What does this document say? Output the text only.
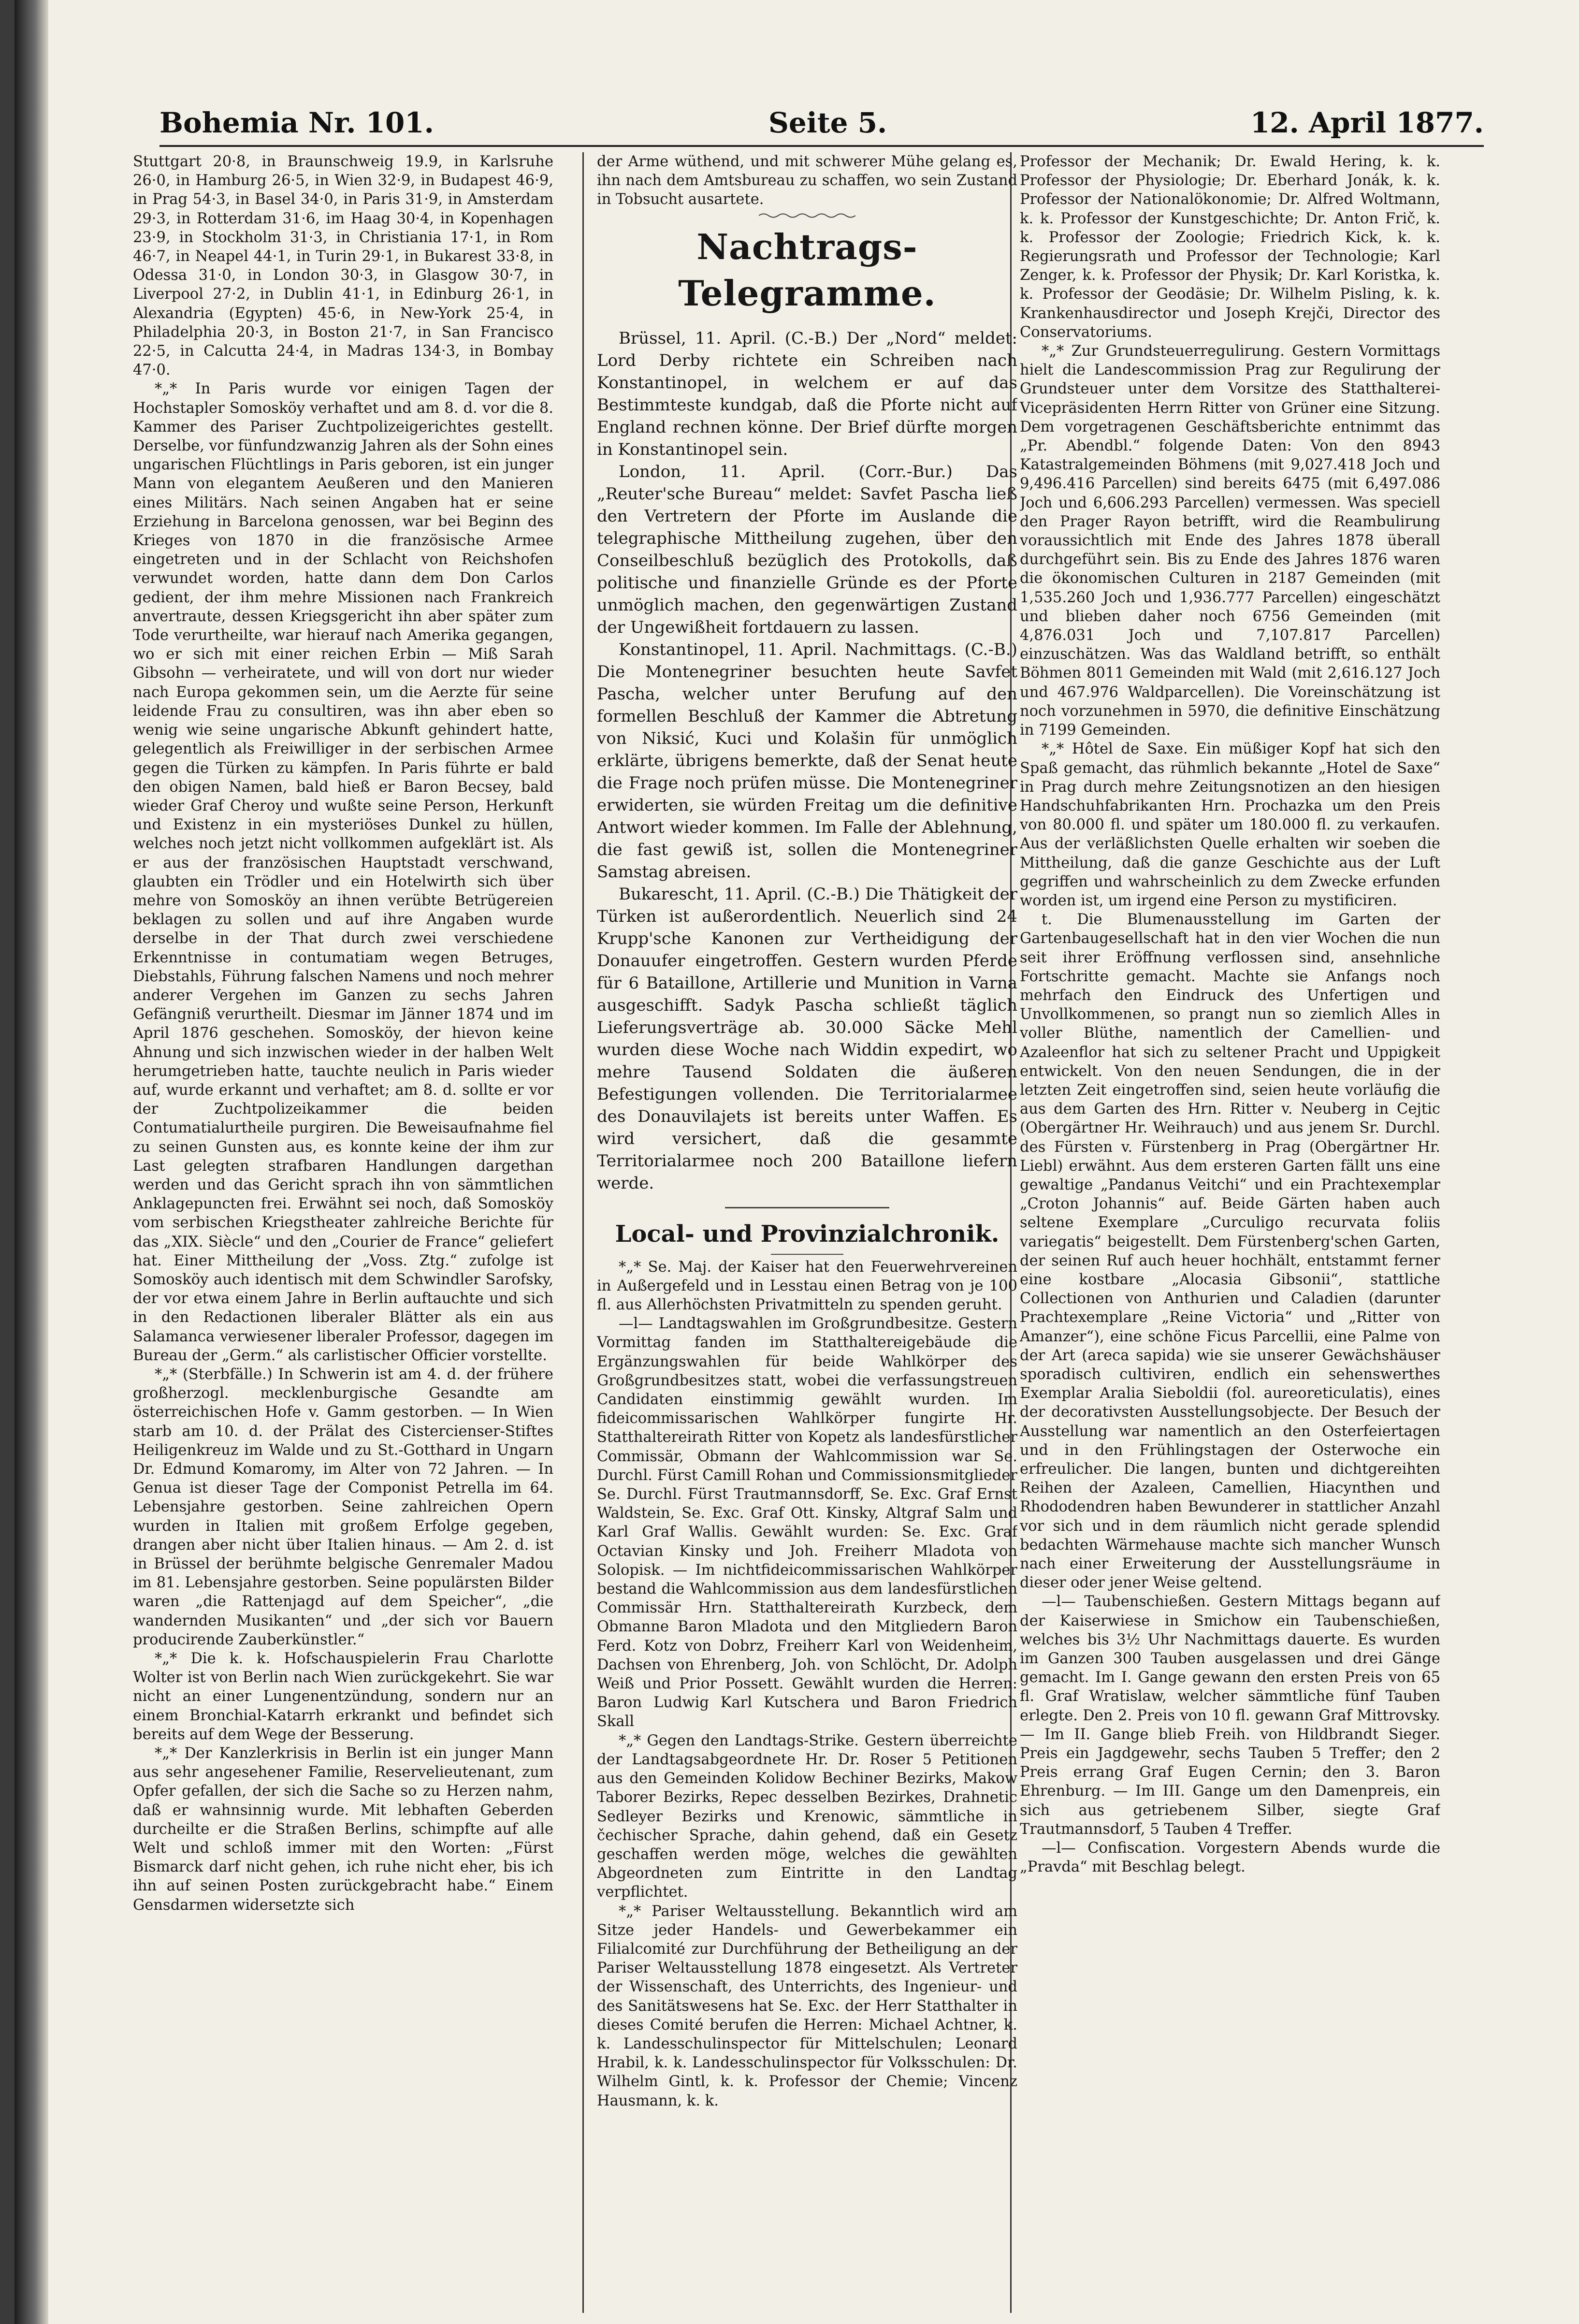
Bohemia Nr. 101.	Seite 5.	12. April 1877.

Stuttgart 20·8, in Braunschweig 19.9, in Karlsruhe 26·0, in Hamburg 26·5, in Wien 32·9, in Budapest 46·9, in Prag 54·3, in Basel 34·0, in Paris 31·9, in Amsterdam 29·3, in Rotterdam 31·6, im Haag 30·4, in Kopenhagen 23·9, in Stockholm 31·3, in Christiania 17·1, in Rom 46·7, in Neapel 44·1, in Turin 29·1, in Bukarest 33·8, in Odessa 31·0, in London 30·3, in Glasgow 30·7, in Liverpool 27·2, in Dublin 41·1, in Edinburg 26·1, in Alexandria (Egypten) 45·6, in New-York 25·4, in Philadelphia 20·3, in Boston 21·7, in San Francisco 22·5, in Calcutta 24·4, in Madras 134·3, in Bombay 47·0.

*„* In Paris wurde vor einigen Tagen der Hochstapler Somosköy verhaftet und am 8. d. vor die 8. Kammer des Pariser Zuchtpolizeigerichtes gestellt. Derselbe, vor fünfundzwanzig Jahren als der Sohn eines ungarischen Flüchtlings in Paris geboren, ist ein junger Mann von elegantem Aeußeren und den Manieren eines Militärs. Nach seinen Angaben hat er seine Erziehung in Barcelona genossen, war bei Beginn des Krieges von 1870 in die französische Armee eingetreten und in der Schlacht von Reichshofen verwundet worden, hatte dann dem Don Carlos gedient, der ihm mehre Missionen nach Frankreich anvertraute, dessen Kriegsgericht ihn aber später zum Tode verurtheilte, war hierauf nach Amerika gegangen, wo er sich mit einer reichen Erbin — Miß Sarah Gibsohn — verheiratete, und will von dort nur wieder nach Europa gekommen sein, um die Aerzte für seine leidende Frau zu consultiren, was ihn aber eben so wenig wie seine ungarische Abkunft gehindert hatte, gelegentlich als Freiwilliger in der serbischen Armee gegen die Türken zu kämpfen. In Paris führte er bald den obigen Namen, bald hieß er Baron Becsey, bald wieder Graf Cheroy und wußte seine Person, Herkunft und Existenz in ein mysteriöses Dunkel zu hüllen, welches noch jetzt nicht vollkommen aufgeklärt ist. Als er aus der französischen Hauptstadt verschwand, glaubten ein Trödler und ein Hotelwirth sich über mehre von Somosköy an ihnen verübte Betrügereien beklagen zu sollen und auf ihre Angaben wurde derselbe in der That durch zwei verschiedene Erkenntnisse in contumatiam wegen Betruges, Diebstahls, Führung falschen Namens und noch mehrer anderer Vergehen im Ganzen zu sechs Jahren Gefängniß verurtheilt. Diesmar im Jänner 1874 und im April 1876 geschehen. Somosköy, der hievon keine Ahnung und sich inzwischen wieder in der halben Welt herumgetrieben hatte, tauchte neulich in Paris wieder auf, wurde erkannt und verhaftet; am 8. d. sollte er vor der Zuchtpolizeikammer die beiden Contumatialurtheile purgiren. Die Beweisaufnahme fiel zu seinen Gunsten aus, es konnte keine der ihm zur Last gelegten strafbaren Handlungen dargethan werden und das Gericht sprach ihn von sämmtlichen Anklagepuncten frei. Erwähnt sei noch, daß Somosköy vom serbischen Kriegstheater zahlreiche Berichte für das „XIX. Siècle“ und den „Courier de France“ geliefert hat. Einer Mittheilung der „Voss. Ztg.“ zufolge ist Somosköy auch identisch mit dem Schwindler Sarofsky, der vor etwa einem Jahre in Berlin auftauchte und sich in den Redactionen liberaler Blätter als ein aus Salamanca verwiesener liberaler Professor, dagegen im Bureau der „Germ.“ als carlistischer Officier vorstellte.

*„* (Sterbfälle.) In Schwerin ist am 4. d. der frühere großherzogl. mecklenburgische Gesandte am österreichischen Hofe v. Gamm gestorben. — In Wien starb am 10. d. der Prälat des Cistercienser-Stiftes Heiligenkreuz im Walde und zu St.-Gotthard in Ungarn Dr. Edmund Komaromy, im Alter von 72 Jahren. — In Genua ist dieser Tage der Componist Petrella im 64. Lebensjahre gestorben. Seine zahlreichen Opern wurden in Italien mit großem Erfolge gegeben, drangen aber nicht über Italien hinaus. — Am 2. d. ist in Brüssel der berühmte belgische Genremaler Madou im 81. Lebensjahre gestorben. Seine populärsten Bilder waren „die Rattenjagd auf dem Speicher“, „die wandernden Musikanten“ und „der sich vor Bauern producirende Zauberkünstler.“

*„* Die k. k. Hofschauspielerin Frau Charlotte Wolter ist von Berlin nach Wien zurückgekehrt. Sie war nicht an einer Lungenentzündung, sondern nur an einem Bronchial-Katarrh erkrankt und befindet sich bereits auf dem Wege der Besserung.

*„* Der Kanzlerkrisis in Berlin ist ein junger Mann aus sehr angesehener Familie, Reservelieutenant, zum Opfer gefallen, der sich die Sache so zu Herzen nahm, daß er wahnsinnig wurde. Mit lebhaften Geberden durcheilte er die Straßen Berlins, schimpfte auf alle Welt und schloß immer mit den Worten: „Fürst Bismarck darf nicht gehen, ich ruhe nicht eher, bis ich ihn auf seinen Posten zurückgebracht habe.“ Einem Gensdarmen widersetzte sich

der Arme wüthend, und mit schwerer Mühe gelang es, ihn nach dem Amtsbureau zu schaffen, wo sein Zustand in Tobsucht ausartete.

Nachtrags-Telegramme.

Brüssel, 11. April. (C.-B.) Der „Nord“ meldet: Lord Derby richtete ein Schreiben nach Konstantinopel, in welchem er auf das Bestimmteste kundgab, daß die Pforte nicht auf England rechnen könne. Der Brief dürfte morgen in Konstantinopel sein.

London, 11. April. (Corr.-Bur.) Das „Reuter'sche Bureau“ meldet: Savfet Pascha ließ den Vertretern der Pforte im Auslande die telegraphische Mittheilung zugehen, über den Conseilbeschluß bezüglich des Protokolls, daß politische und finanzielle Gründe es der Pforte unmöglich machen, den gegenwärtigen Zustand der Ungewißheit fortdauern zu lassen.

Konstantinopel, 11. April. Nachmittags. (C.-B.) Die Montenegriner besuchten heute Savfet Pascha, welcher unter Berufung auf den formellen Beschluß der Kammer die Abtretung von Niksić, Kuci und Kolašin für unmöglich erklärte, übrigens bemerkte, daß der Senat heute die Frage noch prüfen müsse. Die Montenegriner erwiderten, sie würden Freitag um die definitive Antwort wieder kommen. Im Falle der Ablehnung, die fast gewiß ist, sollen die Montenegriner Samstag abreisen.

Bukarescht, 11. April. (C.-B.) Die Thätigkeit der Türken ist außerordentlich. Neuerlich sind 24 Krupp'sche Kanonen zur Vertheidigung der Donauufer eingetroffen. Gestern wurden Pferde für 6 Bataillone, Artillerie und Munition in Varna ausgeschifft. Sadyk Pascha schließt täglich Lieferungsverträge ab. 30.000 Säcke Mehl wurden diese Woche nach Widdin expedirt, wo mehre Tausend Soldaten die äußeren Befestigungen vollenden. Die Territorialarmee des Donauvilajets ist bereits unter Waffen. Es wird versichert, daß die gesammte Territorialarmee noch 200 Bataillone liefern werde.

Local- und Provinzialchronik.

*„* Se. Maj. der Kaiser hat den Feuerwehrvereinen in Außergefeld und in Lesstau einen Betrag von je 100 fl. aus Allerhöchsten Privatmitteln zu spenden geruht.

—l— Landtagswahlen im Großgrundbesitze. Gestern Vormittag fanden im Statthaltereigebäude die Ergänzungswahlen für beide Wahlkörper des Großgrundbesitzes statt, wobei die verfassungstreuen Candidaten einstimmig gewählt wurden. Im fideicommissarischen Wahlkörper fungirte Hr. Statthaltereirath Ritter von Kopetz als landesfürstlicher Commissär, Obmann der Wahlcommission war Se. Durchl. Fürst Camill Rohan und Commissionsmitglieder Se. Durchl. Fürst Trautmannsdorff, Se. Exc. Graf Ernst Waldstein, Se. Exc. Graf Ott. Kinsky, Altgraf Salm und Karl Graf Wallis. Gewählt wurden: Se. Exc. Graf Octavian Kinsky und Joh. Freiherr Mladota von Solopisk. — Im nichtfideicommissarischen Wahlkörper bestand die Wahlcommission aus dem landesfürstlichen Commissär Hrn. Statthaltereirath Kurzbeck, dem Obmanne Baron Mladota und den Mitgliedern Baron Ferd. Kotz von Dobrz, Freiherr Karl von Weidenheim, Dachsen von Ehrenberg, Joh. von Schlöcht, Dr. Adolph Weiß und Prior Possett. Gewählt wurden die Herren: Baron Ludwig Karl Kutschera und Baron Friedrich Skall

*„* Gegen den Landtags-Strike. Gestern überreichte der Landtagsabgeordnete Hr. Dr. Roser 5 Petitionen aus den Gemeinden Kolidow Bechiner Bezirks, Makow Taborer Bezirks, Repec desselben Bezirkes, Drahnetic Sedleyer Bezirks und Krenowic, sämmtliche in čechischer Sprache, dahin gehend, daß ein Gesetz geschaffen werden möge, welches die gewählten Abgeordneten zum Eintritte in den Landtag verpflichtet.

*„* Pariser Weltausstellung. Bekanntlich wird am Sitze jeder Handels- und Gewerbekammer ein Filialcomité zur Durchführung der Betheiligung an der Pariser Weltausstellung 1878 eingesetzt. Als Vertreter der Wissenschaft, des Unterrichts, des Ingenieur- und des Sanitätswesens hat Se. Exc. der Herr Statthalter in dieses Comité berufen die Herren: Michael Achtner, k. k. Landesschulinspector für Mittelschulen; Leonard Hrabil, k. k. Landesschulinspector für Volksschulen: Dr. Wilhelm Gintl, k. k. Professor der Chemie; Vincenz Hausmann, k. k.

Professor der Mechanik; Dr. Ewald Hering, k. k. Professor der Physiologie; Dr. Eberhard Jonák, k. k. Professor der Nationalökonomie; Dr. Alfred Woltmann, k. k. Professor der Kunstgeschichte; Dr. Anton Frič, k. k. Professor der Zoologie; Friedrich Kick, k. k. Regierungsrath und Professor der Technologie; Karl Zenger, k. k. Professor der Physik; Dr. Karl Koristka, k. k. Professor der Geodäsie; Dr. Wilhelm Pisling, k. k. Krankenhausdirector und Joseph Krejči, Director des Conservatoriums.

*„* Zur Grundsteuerregulirung. Gestern Vormittags hielt die Landescommission Prag zur Regulirung der Grundsteuer unter dem Vorsitze des Statthalterei-Vicepräsidenten Herrn Ritter von Grüner eine Sitzung. Dem vorgetragenen Geschäftsberichte entnimmt das „Pr. Abendbl.“ folgende Daten: Von den 8943 Katastralgemeinden Böhmens (mit 9,027.418 Joch und 9,496.416 Parcellen) sind bereits 6475 (mit 6,497.086 Joch und 6,606.293 Parcellen) vermessen. Was speciell den Prager Rayon betrifft, wird die Reambulirung voraussichtlich mit Ende des Jahres 1878 überall durchgeführt sein. Bis zu Ende des Jahres 1876 waren die ökonomischen Culturen in 2187 Gemeinden (mit 1,535.260 Joch und 1,936.777 Parcellen) eingeschätzt und blieben daher noch 6756 Gemeinden (mit 4,876.031 Joch und 7,107.817 Parcellen) einzuschätzen. Was das Waldland betrifft, so enthält Böhmen 8011 Gemeinden mit Wald (mit 2,616.127 Joch und 467.976 Waldparcellen). Die Voreinschätzung ist noch vorzunehmen in 5970, die definitive Einschätzung in 7199 Gemeinden.

*„* Hôtel de Saxe. Ein müßiger Kopf hat sich den Spaß gemacht, das rühmlich bekannte „Hotel de Saxe“ in Prag durch mehre Zeitungsnotizen an den hiesigen Handschuhfabrikanten Hrn. Prochazka um den Preis von 80.000 fl. und später um 180.000 fl. zu verkaufen. Aus der verläßlichsten Quelle erhalten wir soeben die Mittheilung, daß die ganze Geschichte aus der Luft gegriffen und wahrscheinlich zu dem Zwecke erfunden worden ist, um irgend eine Person zu mystificiren.

t. Die Blumenausstellung im Garten der Gartenbaugesellschaft hat in den vier Wochen die nun seit ihrer Eröffnung verflossen sind, ansehnliche Fortschritte gemacht. Machte sie Anfangs noch mehrfach den Eindruck des Unfertigen und Unvollkommenen, so prangt nun so ziemlich Alles in voller Blüthe, namentlich der Camellien- und Azaleenflor hat sich zu seltener Pracht und Uppigkeit entwickelt. Von den neuen Sendungen, die in der letzten Zeit eingetroffen sind, seien heute vorläufig die aus dem Garten des Hrn. Ritter v. Neuberg in Cejtic (Obergärtner Hr. Weihrauch) und aus jenem Sr. Durchl. des Fürsten v. Fürstenberg in Prag (Obergärtner Hr. Liebl) erwähnt. Aus dem ersteren Garten fällt uns eine gewaltige „Pandanus Veitchi“ und ein Prachtexemplar „Croton Johannis“ auf. Beide Gärten haben auch seltene Exemplare „Curculigo recurvata foliis variegatis“ beigestellt. Dem Fürstenberg'schen Garten, der seinen Ruf auch heuer hochhält, entstammt ferner eine kostbare „Alocasia Gibsonii“, stattliche Collectionen von Anthurien und Caladien (darunter Prachtexemplare „Reine Victoria“ und „Ritter von Amanzer“), eine schöne Ficus Parcellii, eine Palme von der Art (areca sapida) wie sie unserer Gewächshäuser sporadisch cultiviren, endlich ein sehenswerthes Exemplar Aralia Sieboldii (fol. aureoreticulatis), eines der decorativsten Ausstellungsobjecte. Der Besuch der Ausstellung war namentlich an den Osterfeiertagen und in den Frühlingstagen der Osterwoche ein erfreulicher. Die langen, bunten und dichtgereihten Reihen der Azaleen, Camellien, Hiacynthen und Rhododendren haben Bewunderer in stattlicher Anzahl vor sich und in dem räumlich nicht gerade splendid bedachten Wärmehause machte sich mancher Wunsch nach einer Erweiterung der Ausstellungsräume in dieser oder jener Weise geltend.

—l— Taubenschießen. Gestern Mittags begann auf der Kaiserwiese in Smichow ein Taubenschießen, welches bis 3½ Uhr Nachmittags dauerte. Es wurden im Ganzen 300 Tauben ausgelassen und drei Gänge gemacht. Im I. Gange gewann den ersten Preis von 65 fl. Graf Wratislaw, welcher sämmtliche fünf Tauben erlegte. Den 2. Preis von 10 fl. gewann Graf Mittrovsky. — Im II. Gange blieb Freih. von Hildbrandt Sieger. Preis ein Jagdgewehr, sechs Tauben 5 Treffer; den 2 Preis errang Graf Eugen Cernin; den 3. Baron Ehrenburg. — Im III. Gange um den Damenpreis, ein sich aus getriebenem Silber, siegte Graf Trautmannsdorf, 5 Tauben 4 Treffer.

—l— Confiscation. Vorgestern Abends wurde die „Pravda“ mit Beschlag belegt.
